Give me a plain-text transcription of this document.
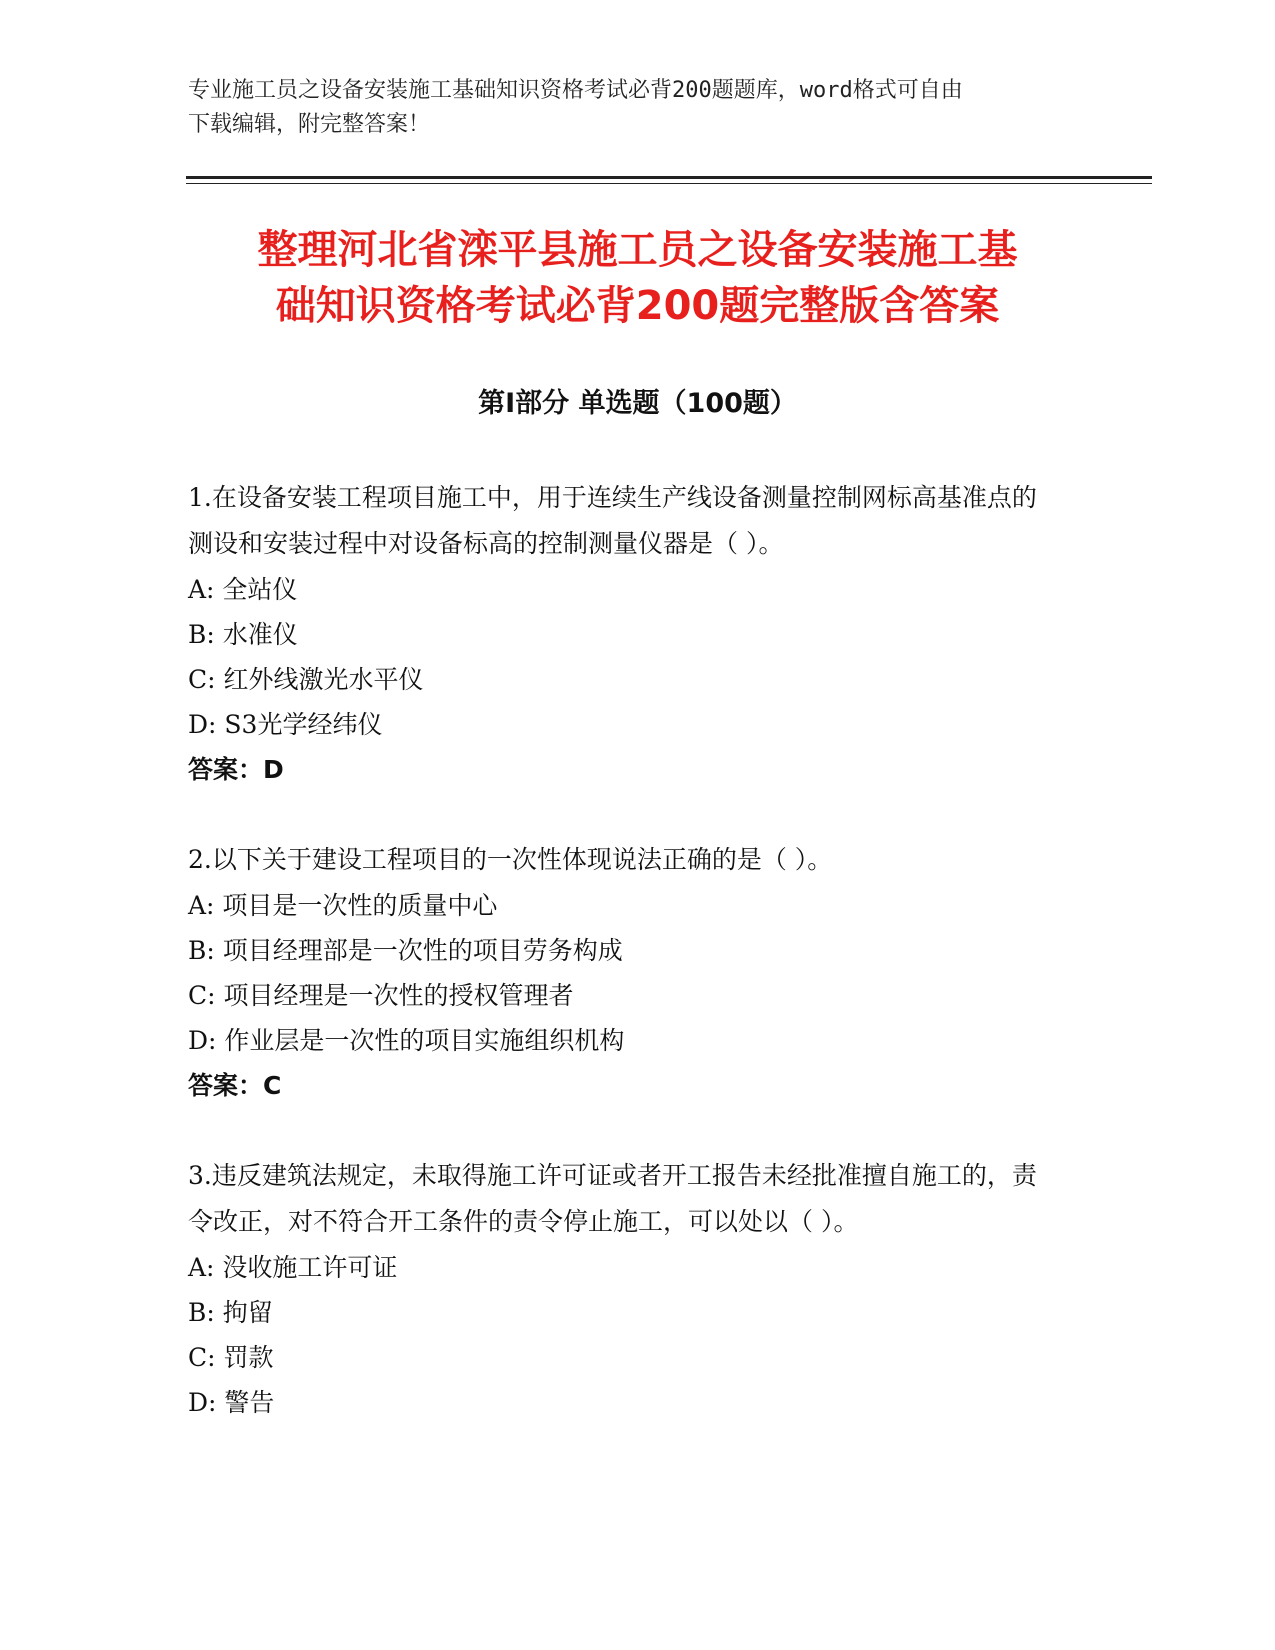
专业施工员之设备安装施工基础知识资格考试必背200题题库，word格式可自由
下载编辑，附完整答案！
整理河北省滦平县施工员之设备安装施工基
础知识资格考试必背200题完整版含答案
第Ⅰ部分 单选题（100题）
1.在设备安装工程项目施工中，用于连续生产线设备测量控制网标高基准点的测设和安装过程中对设备标高的控制测量仪器是（ ）。
A: 全站仪
B: 水准仪
C: 红外线激光水平仪
D: S3光学经纬仪
答案：D
2.以下关于建设工程项目的一次性体现说法正确的是（ ）。
A: 项目是一次性的质量中心
B: 项目经理部是一次性的项目劳务构成
C: 项目经理是一次性的授权管理者
D: 作业层是一次性的项目实施组织机构
答案：C
3.违反建筑法规定，未取得施工许可证或者开工报告未经批准擅自施工的，责令改正，对不符合开工条件的责令停止施工，可以处以（ ）。
A: 没收施工许可证
B: 拘留
C: 罚款
D: 警告
